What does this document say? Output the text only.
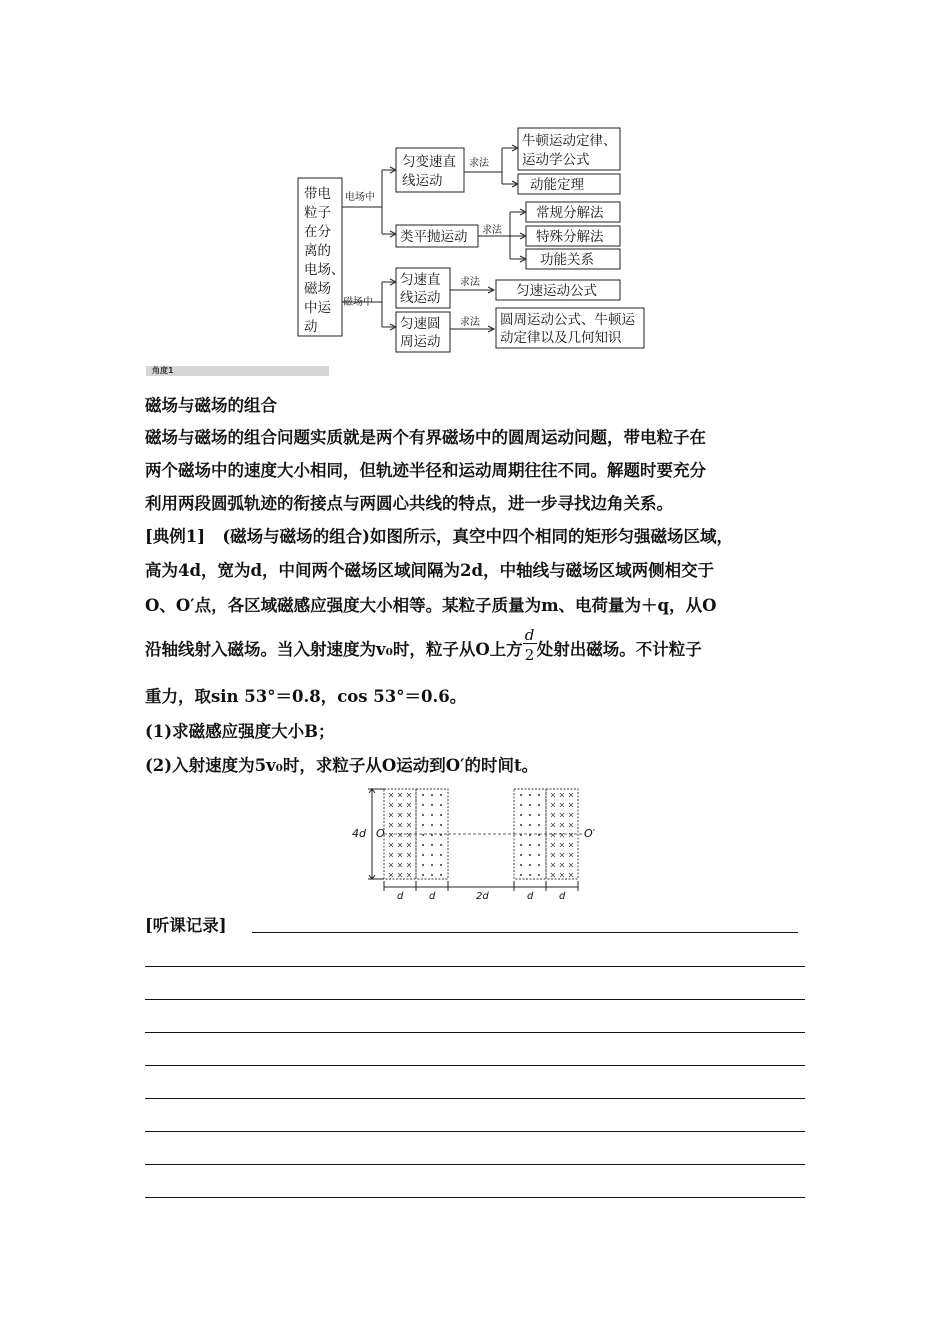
带电
粒子
在分
离的
电场、
磁场
中运
动
电场中
匀变速直
线运动
求法
牛顿运动定律、
运动学公式
动能定理
类平抛运动 求法
常规分解法
特殊分解法
功能关系
磁场中
匀速直
线运动
求法
匀速运动公式
匀速圆
周运动
求法 圆周运动公式、牛顿运
动定律以及几何知识
角度1
磁场与磁场的组合
磁场与磁场的组合问题实质就是两个有界磁场中的圆周运动问题，带电粒子在
两个磁场中的速度大小相同，但轨迹半径和运动周期往往不同。解题时要充分
利用两段圆弧轨迹的衔接点与两圆心共线的特点，进一步寻找边角关系。
[典例1] (磁场与磁场的组合)如图所示，真空中四个相同的矩形匀强磁场区域，
高为4d，宽为d，中间两个磁场区域间隔为2d，中轴线与磁场区域两侧相交于
O、O′点，各区域磁感应强度大小相等。某粒子质量为m、电荷量为＋q，从O
沿轴线射入磁场。当入射速度为v₀时，粒子从O上方 $\frac{d}{2}$ 处射出磁场。不计粒子
重力，取sin 53°＝0.8，cos 53°＝0.6。
(1)求磁感应强度大小B；
(2)入射速度为5v₀时，求粒子从O运动到O′的时间t。
4d O	O′
d	d	2d	d	d
[听课记录]
